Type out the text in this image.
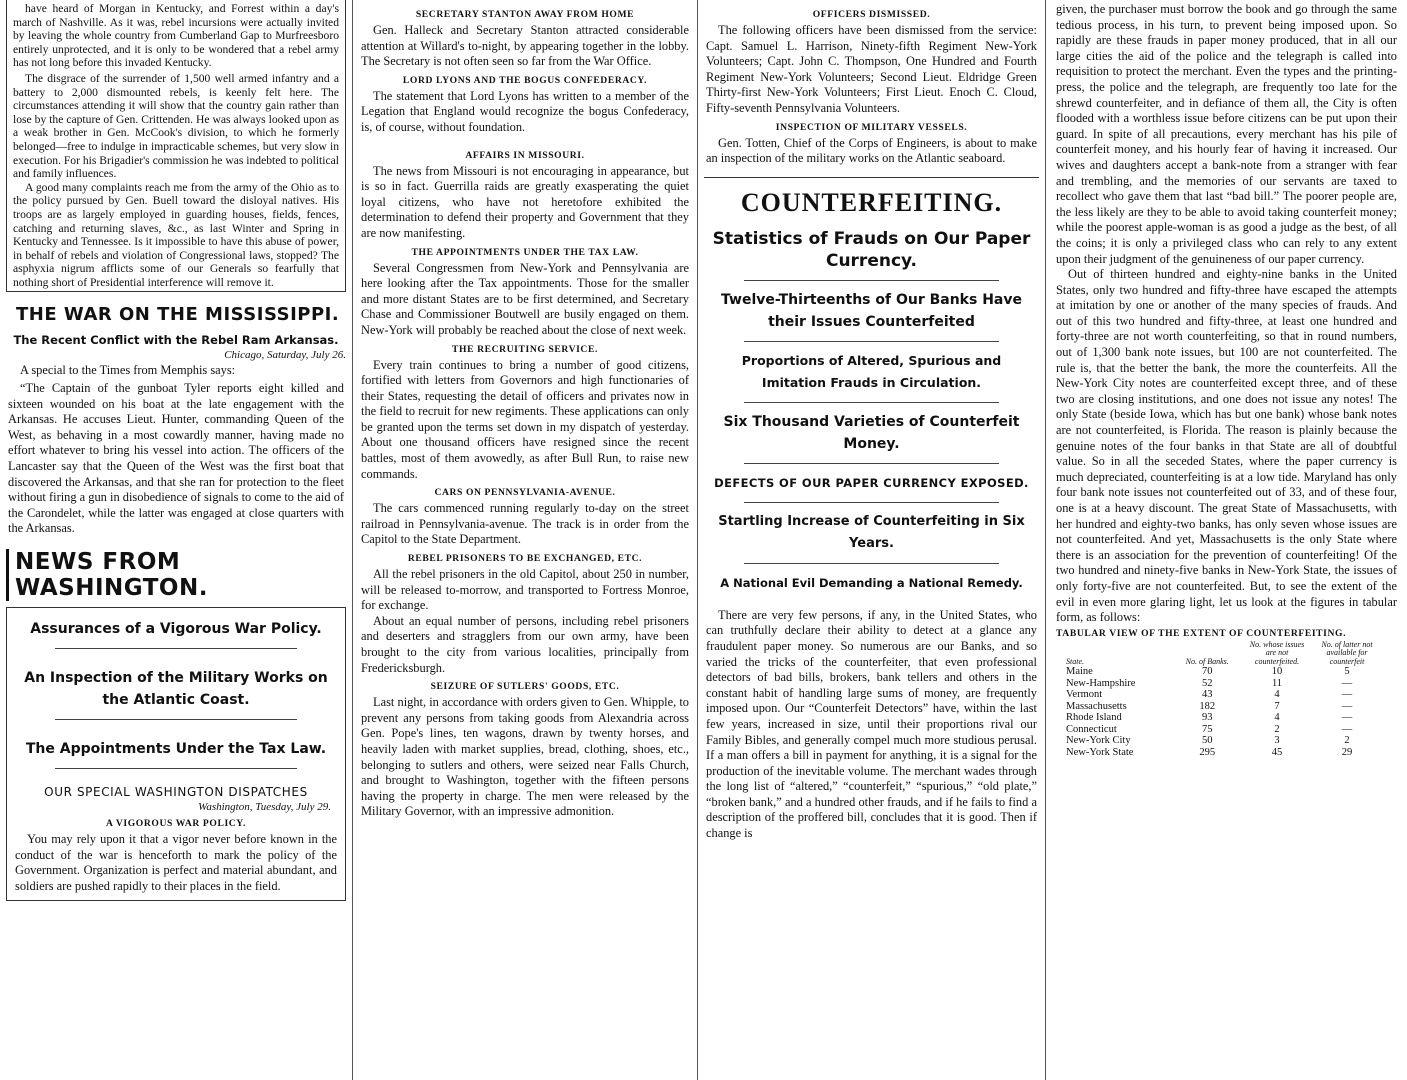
have heard of Morgan in Kentucky, and Forrest within a day's march of Nashville. As it was, rebel incursions were actually invited by leaving the whole country from Cumberland Gap to Murfreesboro entirely unprotected, and it is only to be wondered that a rebel army has not long before this invaded Kentucky.

The disgrace of the surrender of 1,500 well armed infantry and a battery to 2,000 dismounted rebels, is keenly felt here. The circumstances attending it will show that the country gain rather than lose by the capture of Gen. Crittenden. He was always looked upon as a weak brother in Gen. McCook's division, to which he formerly belonged—free to indulge in impracticable schemes, but very slow in execution. For his Brigadier's commission he was indebted to political and family influences.

A good many complaints reach me from the army of the Ohio as to the policy pursued by Gen. Buell toward the disloyal natives. His troops are as largely employed in guarding houses, fields, fences, catching and returning slaves, &c., as last Winter and Spring in Kentucky and Tennessee. Is it impossible to have this abuse of power, in behalf of rebels and violation of Congressional laws, stopped? The asphyxia nigrum afflicts some of our Generals so fearfully that nothing short of Presidential interference will remove it.

THE WAR ON THE MISSISSIPPI.
The Recent Conflict with the Rebel Ram Arkansas.
Chicago, Saturday, July 26.

A special to the Times from Memphis says:

“The Captain of the gunboat Tyler reports eight killed and sixteen wounded on his boat at the late engagement with the Arkansas. He accuses Lieut. Hunter, commanding Queen of the West, as behaving in a most cowardly manner, having made no effort whatever to bring his vessel into action. The officers of the Lancaster say that the Queen of the West was the first boat that discovered the Arkansas, and that she ran for protection to the fleet without firing a gun in disobedience of signals to come to the aid of the Carondelet, while the latter was engaged at close quarters with the Arkansas.

NEWS FROM WASHINGTON.
Assurances of a Vigorous War Policy.
An Inspection of the Military Works on the Atlantic Coast.
The Appointments Under the Tax Law.
OUR SPECIAL WASHINGTON DISPATCHES
Washington, Tuesday, July 29.
A VIGOROUS WAR POLICY.

You may rely upon it that a vigor never before known in the conduct of the war is henceforth to mark the policy of the Government. Organization is perfect and material abundant, and soldiers are pushed rapidly to their places in the field.

SECRETARY STANTON AWAY FROM HOME

Gen. Halleck and Secretary Stanton attracted considerable attention at Willard's to-night, by appearing together in the lobby. The Secretary is not often seen so far from the War Office.

LORD LYONS AND THE BOGUS CONFEDERACY.

The statement that Lord Lyons has written to a member of the Legation that England would recognize the bogus Confederacy, is, of course, without foundation.

AFFAIRS IN MISSOURI.

The news from Missouri is not encouraging in appearance, but is so in fact. Guerrilla raids are greatly exasperating the quiet loyal citizens, who have not heretofore exhibited the determination to defend their property and Government that they are now manifesting.

THE APPOINTMENTS UNDER THE TAX LAW.

Several Congressmen from New-York and Pennsylvania are here looking after the Tax appointments. Those for the smaller and more distant States are to be first determined, and Secretary Chase and Commissioner Boutwell are busily engaged on them. New-York will probably be reached about the close of next week.

THE RECRUITING SERVICE.

Every train continues to bring a number of good citizens, fortified with letters from Governors and high functionaries of their States, requesting the detail of officers and privates now in the field to recruit for new regiments. These applications can only be granted upon the terms set down in my dispatch of yesterday. About one thousand officers have resigned since the recent battles, most of them avowedly, as after Bull Run, to raise new commands.

CARS ON PENNSYLVANIA-AVENUE.

The cars commenced running regularly to-day on the street railroad in Pennsylvania-avenue. The track is in order from the Capitol to the State Department.

REBEL PRISONERS TO BE EXCHANGED, ETC.

All the rebel prisoners in the old Capitol, about 250 in number, will be released to-morrow, and transported to Fortress Monroe, for exchange.

About an equal number of persons, including rebel prisoners and deserters and stragglers from our own army, have been brought to the city from various localities, principally from Fredericksburgh.

SEIZURE OF SUTLERS' GOODS, ETC.

Last night, in accordance with orders given to Gen. Whipple, to prevent any persons from taking goods from Alexandria across Gen. Pope's lines, ten wagons, drawn by twenty horses, and heavily laden with market supplies, bread, clothing, shoes, etc., belonging to sutlers and others, were seized near Falls Church, and brought to Washington, together with the fifteen persons having the property in charge. The men were released by the Military Governor, with an impressive admonition.

OFFICERS DISMISSED.

The following officers have been dismissed from the service: Capt. Samuel L. Harrison, Ninety-fifth Regiment New-York Volunteers; Capt. John C. Thompson, One Hundred and Fourth Regiment New-York Volunteers; Second Lieut. Eldridge Green Thirty-first New-York Volunteers; First Lieut. Enoch C. Cloud, Fifty-seventh Pennsylvania Volunteers.

INSPECTION OF MILITARY VESSELS.

Gen. Totten, Chief of the Corps of Engineers, is about to make an inspection of the military works on the Atlantic seaboard.

COUNTERFEITING.
Statistics of Frauds on Our Paper Currency.
Twelve-Thirteenths of Our Banks Have their Issues Counterfeited
Proportions of Altered, Spurious and Imitation Frauds in Circulation.
Six Thousand Varieties of Counterfeit Money.
DEFECTS OF OUR PAPER CURRENCY EXPOSED.
Startling Increase of Counterfeiting in Six Years.
A National Evil Demanding a National Remedy.

There are very few persons, if any, in the United States, who can truthfully declare their ability to detect at a glance any fraudulent paper money. So numerous are our Banks, and so varied the tricks of the counterfeiter, that even professional detectors of bad bills, brokers, bank tellers and others in the constant habit of handling large sums of money, are frequently imposed upon. Our “Counterfeit Detectors” have, within the last few years, increased in size, until their proportions rival our Family Bibles, and generally compel much more studious perusal. If a man offers a bill in payment for anything, it is a signal for the production of the inevitable volume. The merchant wades through the long list of “altered,” “counterfeit,” “spurious,” “old plate,” “broken bank,” and a hundred other frauds, and if he fails to find a description of the proffered bill, concludes that it is good. Then if change is

given, the purchaser must borrow the book and go through the same tedious process, in his turn, to prevent being imposed upon. So rapidly are these frauds in paper money produced, that in all our large cities the aid of the police and the telegraph is called into requisition to protect the merchant. Even the types and the printing-press, the police and the telegraph, are frequently too late for the shrewd counterfeiter, and in defiance of them all, the City is often flooded with a worthless issue before citizens can be put upon their guard. In spite of all precautions, every merchant has his pile of counterfeit money, and his hourly fear of having it increased. Our wives and daughters accept a bank-note from a stranger with fear and trembling, and the memories of our servants are taxed to recollect who gave them that last “bad bill.” The poorer people are, the less likely are they to be able to avoid taking counterfeit money; while the poorest apple-woman is as good a judge as the best, of all the coins; it is only a privileged class who can rely to any extent upon their judgment of the genuineness of our paper currency.

Out of thirteen hundred and eighty-nine banks in the United States, only two hundred and fifty-three have escaped the attempts at imitation by one or another of the many species of frauds. And out of this two hundred and fifty-three, at least one hundred and forty-three are not worth counterfeiting, so that in round numbers, out of 1,300 bank note issues, but 100 are not counterfeited. The rule is, that the better the bank, the more the counterfeits. All the New-York City notes are counterfeited except three, and of these two are closing institutions, and one does not issue any notes! The only State (beside Iowa, which has but one bank) whose bank notes are not counterfeited, is Florida. The reason is plainly because the genuine notes of the four banks in that State are all of doubtful value. So in all the seceded States, where the paper currency is much depreciated, counterfeiting is at a low tide. Maryland has only four bank note issues not counterfeited out of 33, and of these four, one is at a heavy discount. The great State of Massachusetts, with her hundred and eighty-two banks, has only seven whose issues are not counterfeited. And yet, Massachusetts is the only State where there is an association for the prevention of counterfeiting! Of the two hundred and ninety-five banks in New-York State, the issues of only forty-five are not counterfeited. But, to see the extent of the evil in even more glaring light, let us look at the figures in tabular form, as follows:

TABULAR VIEW OF THE EXTENT OF COUNTERFEITING.
State.	No. of Banks.	No. whose issues are not counterfeited.	No. of latter not available for counterfeit
Maine	70	10	5
New-Hampshire	52	11	—
Vermont	43	4	—
Massachusetts	182	7	—
Rhode Island	93	4	—
Connecticut	75	2	—
New-York City	50	3	2
New-York State	295	45	29
